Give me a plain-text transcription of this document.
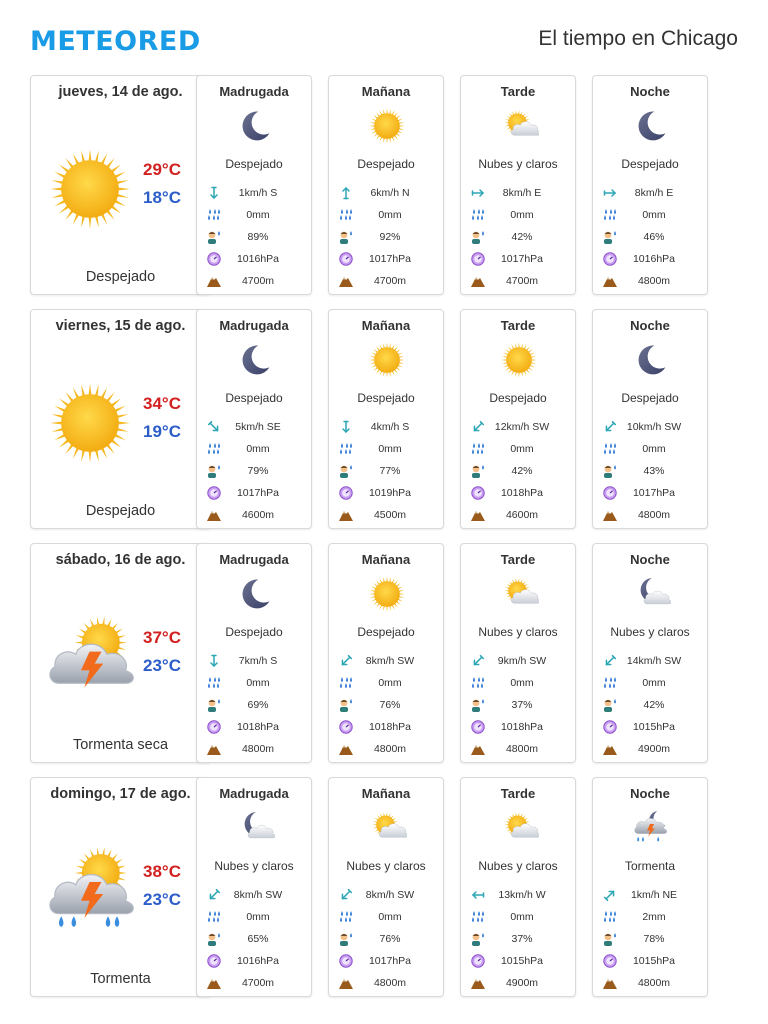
METEORED	El tiempo en Chicago
jueves, 14 de ago.
29°C
18°C
Despejado
Madrugada
Despejado
1km/h S
0mm
89%
1016hPa
4700m
Mañana
Despejado
6km/h N
0mm
92%
1017hPa
4700m
Tarde
Nubes y claros
8km/h E
0mm
42%
1017hPa
4700m
Noche
Despejado
8km/h E
0mm
46%
1016hPa
4800m
viernes, 15 de ago.
34°C
19°C
Despejado
Madrugada
Despejado
5km/h SE
0mm
79%
1017hPa
4600m
Mañana
Despejado
4km/h S
0mm
77%
1019hPa
4500m
Tarde
Despejado
12km/h SW
0mm
42%
1018hPa
4600m
Noche
Despejado
10km/h SW
0mm
43%
1017hPa
4800m
sábado, 16 de ago.
37°C
23°C
Tormenta seca
Madrugada
Despejado
7km/h S
0mm
69%
1018hPa
4800m
Mañana
Despejado
8km/h SW
0mm
76%
1018hPa
4800m
Tarde
Nubes y claros
9km/h SW
0mm
37%
1018hPa
4800m
Noche
Nubes y claros
14km/h SW
0mm
42%
1015hPa
4900m
domingo, 17 de ago.
38°C
23°C
Tormenta
Madrugada
Nubes y claros
8km/h SW
0mm
65%
1016hPa
4700m
Mañana
Nubes y claros
8km/h SW
0mm
76%
1017hPa
4800m
Tarde
Nubes y claros
13km/h W
0mm
37%
1015hPa
4900m
Noche
Tormenta
1km/h NE
2mm
78%
1015hPa
4800m
